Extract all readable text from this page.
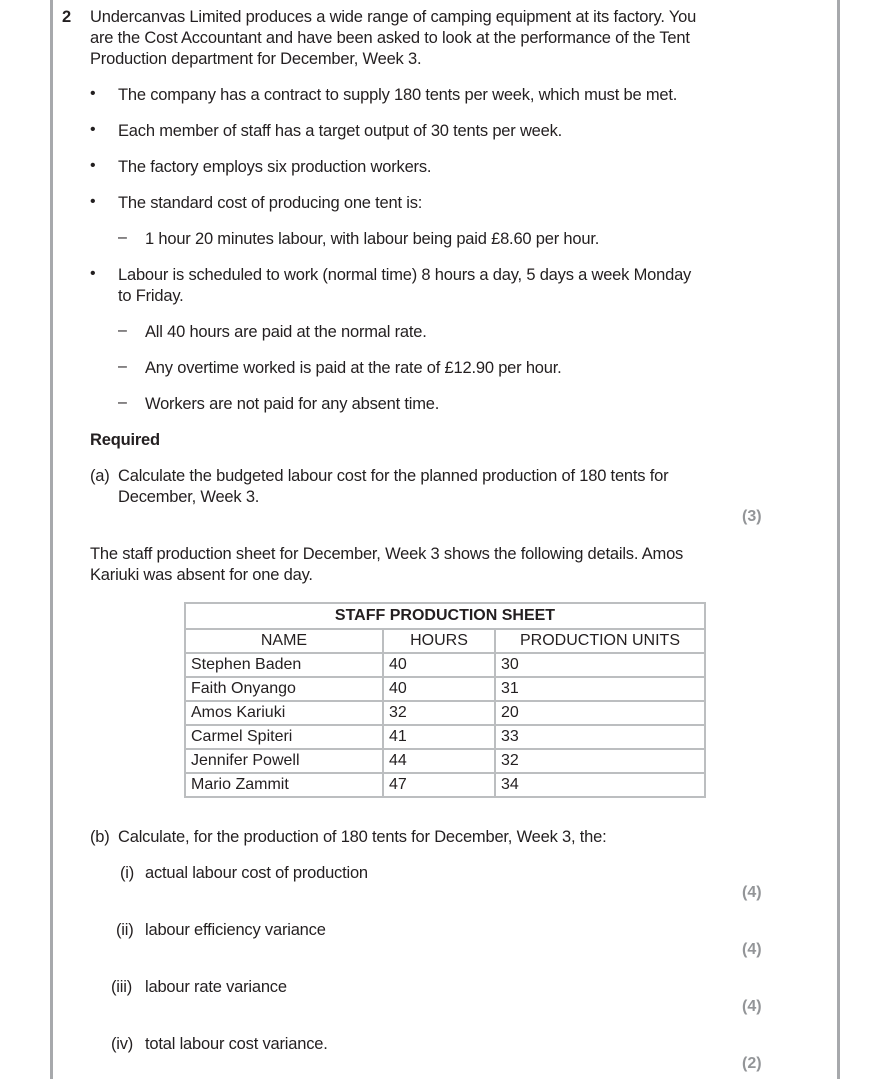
2 Undercanvas Limited produces a wide range of camping equipment at its factory. You
are the Cost Accountant and have been asked to look at the performance of the Tent
Production department for December, Week 3.
• The company has a contract to supply 180 tents per week, which must be met.
• Each member of staff has a target output of 30 tents per week.
• The factory employs six production workers.
• The standard cost of producing one tent is:
– 1 hour 20 minutes labour, with labour being paid £8.60 per hour.
• Labour is scheduled to work (normal time) 8 hours a day, 5 days a week Monday
to Friday.
– All 40 hours are paid at the normal rate.
– Any overtime worked is paid at the rate of £12.90 per hour.
– Workers are not paid for any absent time.
Required
(a) Calculate the budgeted labour cost for the planned production of 180 tents for
December, Week 3.
(3)
The staff production sheet for December, Week 3 shows the following details. Amos
Kariuki was absent for one day.
STAFF PRODUCTION SHEET		
NAME	HOURS	PRODUCTION UNITS
Stephen Baden	40	30
Faith Onyango	40	31
Amos Kariuki	32	20
Carmel Spiteri	41	33
Jennifer Powell	44	32
Mario Zammit	47	34
(b) Calculate, for the production of 180 tents for December, Week 3, the:
(i) actual labour cost of production
(4)
(ii) labour efficiency variance
(4)
(iii) labour rate variance
(4)
(iv) total labour cost variance.
(2)
